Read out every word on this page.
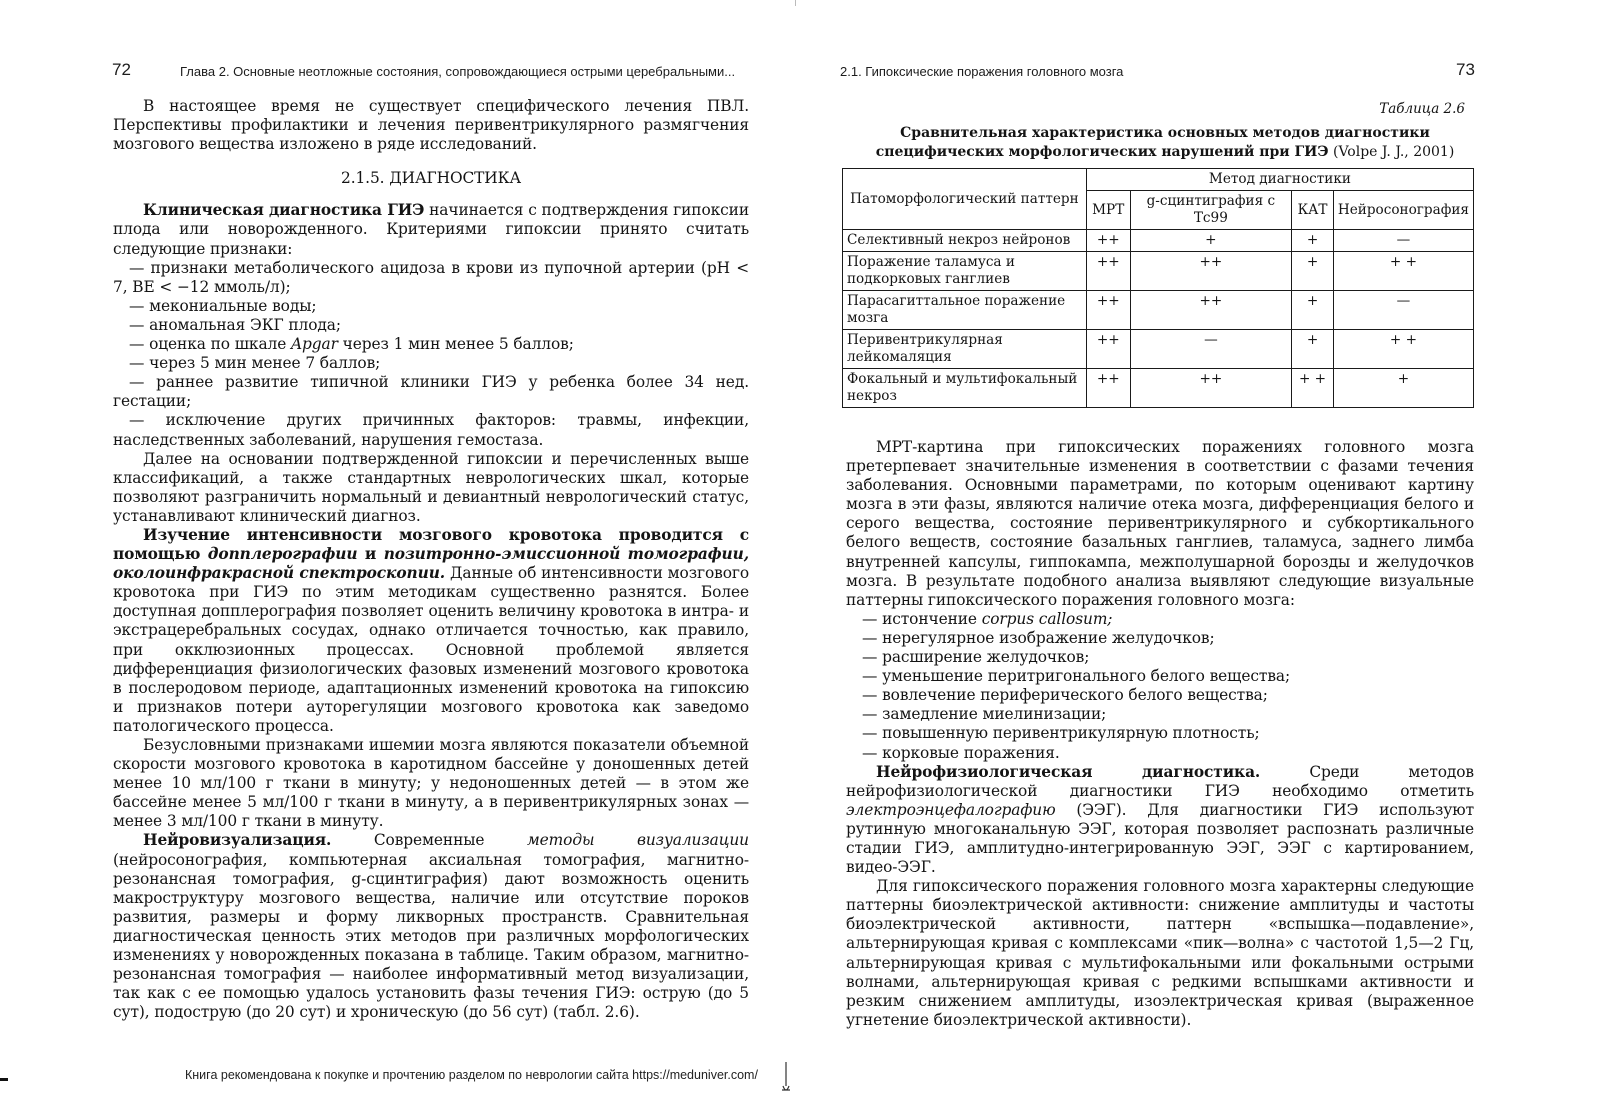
72	Глава 2. Основные неотложные состояния, сопровождающиеся острыми церебральными...

В настоящее время не существует специфического лечения ПВЛ. Перспективы профилактики и лечения перивентрикулярного размягчения мозгового вещества изложено в ряде исследований.

2.1.5. ДИАГНОСТИКА

Клиническая диагностика ГИЭ начинается с подтверждения гипоксии плода или новорожденного. Критериями гипоксии принято считать следующие признаки:

— признаки метаболического ацидоза в крови из пупочной артерии (рН < 7, ВЕ < −12 ммоль/л);

— мекониальные воды;

— аномальная ЭКГ плода;

— оценка по шкале Apgar через 1 мин менее 5 баллов;

— через 5 мин менее 7 баллов;

— раннее развитие типичной клиники ГИЭ у ребенка более 34 нед. гестации;

— исключение других причинных факторов: травмы, инфекции, наследственных заболеваний, нарушения гемостаза.

Далее на основании подтвержденной гипоксии и перечисленных выше классификаций, а также стандартных неврологических шкал, которые позволяют разграничить нормальный и девиантный неврологический статус, устанавливают клинический диагноз.

Изучение интенсивности мозгового кровотока проводится с помощью допплерографии и позитронно-эмиссионной томографии, околоинфракрасной спектроскопии. Данные об интенсивности мозгового кровотока при ГИЭ по этим методикам существенно разнятся. Более доступная допплерография позволяет оценить величину кровотока в интра- и экстрацеребральных сосудах, однако отличается точностью, как правило, при окклюзионных процессах. Основной проблемой является дифференциация физиологических фазовых изменений мозгового кровотока в послеродовом периоде, адаптационных изменений кровотока на гипоксию и признаков потери ауторегуляции мозгового кровотока как заведомо патологического процесса.

Безусловными признаками ишемии мозга являются показатели объемной скорости мозгового кровотока в каротидном бассейне у доношенных детей менее 10 мл/100 г ткани в минуту; у недоношенных детей — в этом же бассейне менее 5 мл/100 г ткани в минуту, а в перивентрикулярных зонах — менее 3 мл/100 г ткани в минуту.

Нейровизуализация. Современные методы визуализации (нейросонография, компьютерная аксиальная томография, магнитно-резонансная томография, g-сцинтиграфия) дают возможность оценить макроструктуру мозгового вещества, наличие или отсутствие пороков развития, размеры и форму ликворных пространств. Сравнительная диагностическая ценность этих методов при различных морфологических изменениях у новорожденных показана в таблице. Таким образом, магнитно-резонансная томография — наиболее информативный метод визуализации, так как с ее помощью удалось установить фазы течения ГИЭ: острую (до 5 сут), подострую (до 20 сут) и хроническую (до 56 сут) (табл. 2.6).

2.1. Гипоксические поражения головного мозга	73
Таблица 2.6
Сравнительная характеристика основных методов диагностики специфических морфологических нарушений при ГИЭ (Volpe J. J., 2001)
Патоморфологический паттерн	Метод диагностики			
	МРТ	g-сцинтиграфия с Тс99	КАТ	Нейросонография
Селективный некроз нейронов	++	+	+	—
Поражение таламуса и подкорковых ганглиев	++	++	+	+ +
Парасагиттальное поражение мозга	++	++	+	—
Перивентрикулярная лейкомаляция	++	—	+	+ +
Фокальный и мультифокальный некроз	++	++	+ +	+

МРТ-картина при гипоксических поражениях головного мозга претерпевает значительные изменения в соответствии с фазами течения заболевания. Основными параметрами, по которым оценивают картину мозга в эти фазы, являются наличие отека мозга, дифференциация белого и серого вещества, состояние перивентрикулярного и субкортикального белого веществ, состояние базальных ганглиев, таламуса, заднего лимба внутренней капсулы, гиппокампа, межполушарной борозды и желудочков мозга. В результате подобного анализа выявляют следующие визуальные паттерны гипоксического поражения головного мозга:

— истончение corpus callosum;

— нерегулярное изображение желудочков;

— расширение желудочков;

— уменьшение перитригонального белого вещества;

— вовлечение периферического белого вещества;

— замедление миелинизации;

— повышенную перивентрикулярную плотность;

— корковые поражения.

Нейрофизиологическая диагностика. Среди методов нейрофизиологической диагностики ГИЭ необходимо отметить электроэнцефалографию (ЭЭГ). Для диагностики ГИЭ используют рутинную многоканальную ЭЭГ, которая позволяет распознать различные стадии ГИЭ, амплитудно-интегрированную ЭЭГ, ЭЭГ с картированием, видео-ЭЭГ.

Для гипоксического поражения головного мозга характерны следующие паттерны биоэлектрической активности: снижение амплитуды и частоты биоэлектрической активности, паттерн «вспышка—подавление», альтернирующая кривая с комплексами «пик—волна» с частотой 1,5—2 Гц, альтернирующая кривая с мультифокальными или фокальными острыми волнами, альтернирующая кривая с редкими вспышками активности и резким снижением амплитуды, изоэлектрическая кривая (выраженное угнетение биоэлектрической активности).

Книга рекомендована к покупке и прочтению разделом по неврологии сайта https://meduniver.com/
